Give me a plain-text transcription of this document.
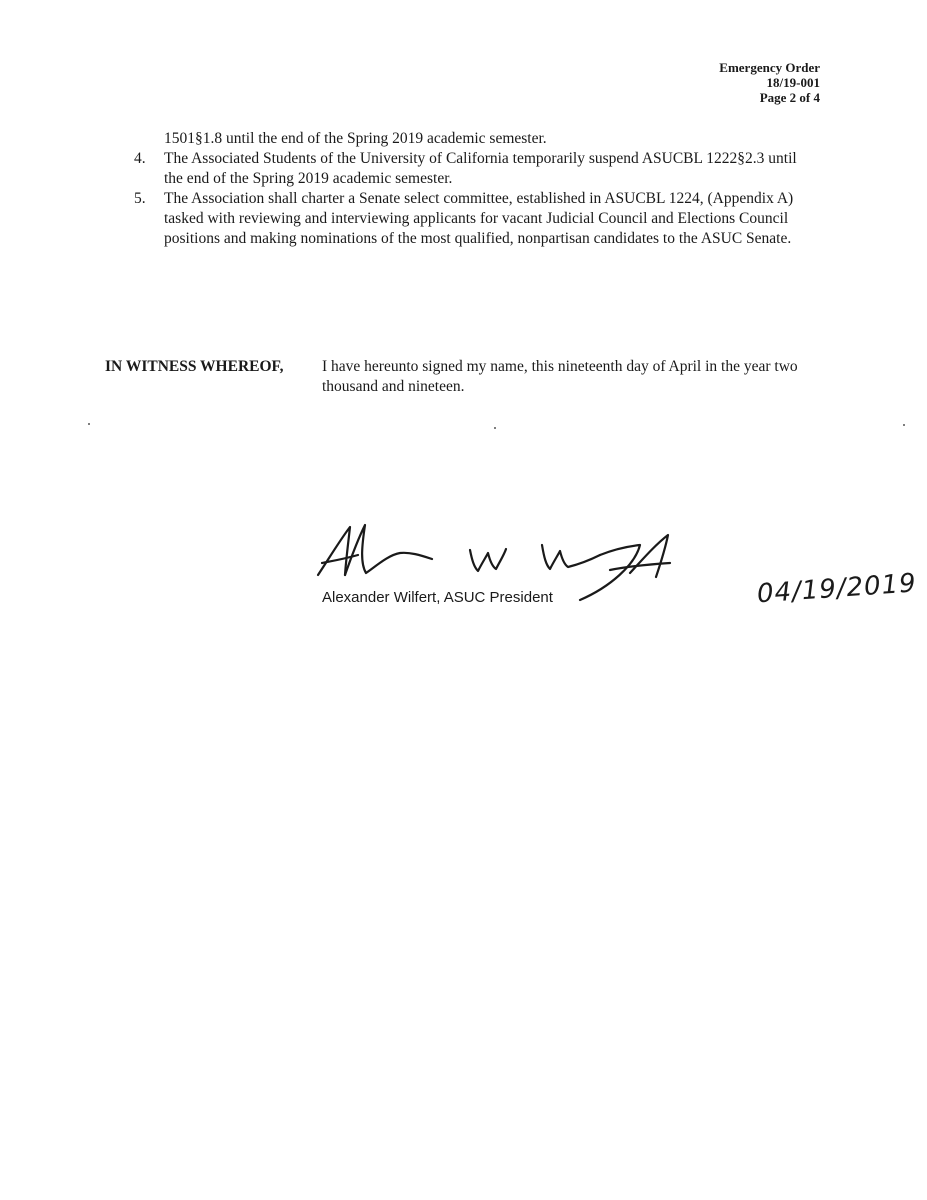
Emergency Order
18/19-001
Page 2 of 4
1501§1.8 until the end of the Spring 2019 academic semester.
4.	The Associated Students of the University of California temporarily suspend ASUCBL 1222§2.3 until the end of the Spring 2019 academic semester.
5.	The Association shall charter a Senate select committee, established in ASUCBL 1224, (Appendix A) tasked with reviewing and interviewing applicants for vacant Judicial Council and Elections Council positions and making nominations of the most qualified, nonpartisan candidates to the ASUC Senate.
IN WITNESS WHEREOF, I have hereunto signed my name, this nineteenth day of April in the year two thousand and nineteen.
Alexander Wilfert, ASUC President	04/19/2019
